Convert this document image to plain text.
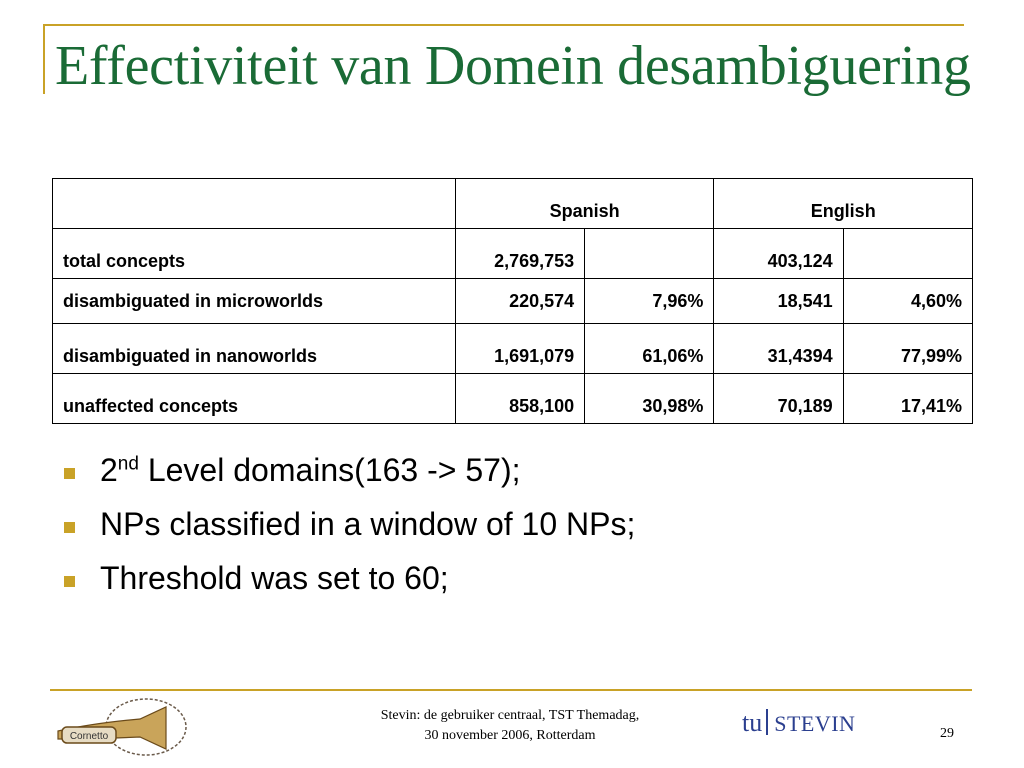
Effectiviteit van Domein desambiguering
	Spanish		English	
total concepts	2,769,753		403,124	
disambiguated in microworlds	220,574	7,96%	18,541	4,60%
disambiguated in nanoworlds	1,691,079	61,06%	31,4394	77,99%
unaffected concepts	858,100	30,98%	70,189	17,41%
2nd Level domains(163 -> 57);
NPs classified in a window of 10 NPs;
Threshold was set to 60;
Cornetto
Stevin: de gebruiker centraal, TST Themadag,
30 november 2006, Rotterdam	tu STEVIN	29
